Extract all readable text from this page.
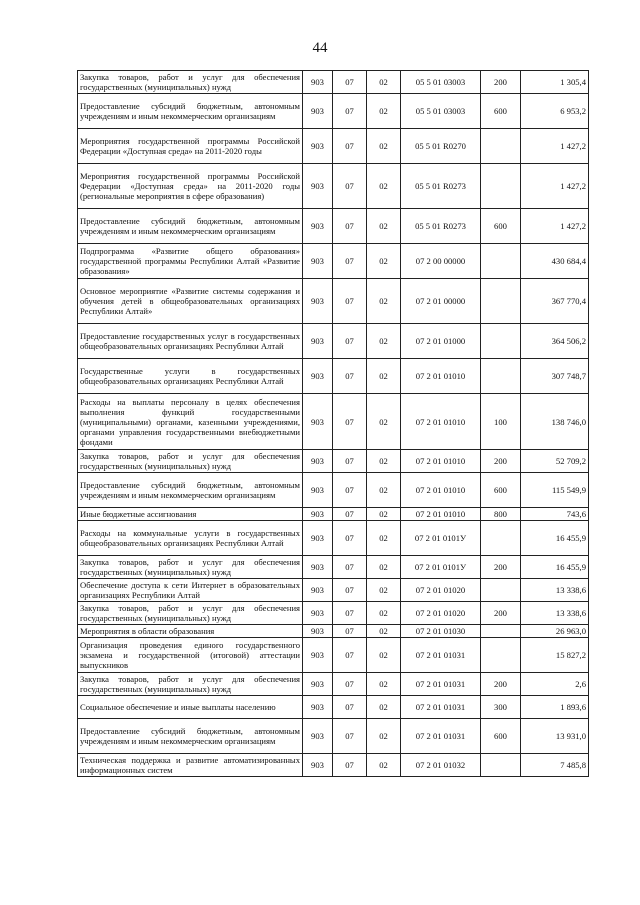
44
Закупка товаров, работ и услуг для обеспечения государственных (муниципальных) нужд	903	07	02	05 5 01 03003	200	1 305,4
Предоставление субсидий бюджетным, автономным учреждениям и иным некоммерческим организациям	903	07	02	05 5 01 03003	600	6 953,2
Мероприятия государственной программы Российской Федерации «Доступная среда» на 2011-2020 годы	903	07	02	05 5 01 R0270		1 427,2
Мероприятия государственной программы Российской Федерации «Доступная среда» на 2011-2020 годы (региональные мероприятия в сфере образования)	903	07	02	05 5 01 R0273		1 427,2
Предоставление субсидий бюджетным, автономным учреждениям и иным некоммерческим организациям	903	07	02	05 5 01 R0273	600	1 427,2
Подпрограмма «Развитие общего образования» государственной программы Республики Алтай «Развитие образования»	903	07	02	07 2 00 00000		430 684,4
Основное мероприятие «Развитие системы содержания и обучения детей в общеобразовательных организациях Республики Алтай»	903	07	02	07 2 01 00000		367 770,4
Предоставление государственных услуг в государственных общеобразовательных организациях Республики Алтай	903	07	02	07 2 01 01000		364 506,2
Государственные услуги в государственных общеобразовательных организациях Республики Алтай	903	07	02	07 2 01 01010		307 748,7
Расходы на выплаты персоналу в целях обеспечения выполнения функций государственными (муниципальными) органами, казенными учреждениями, органами управления государственными внебюджетными фондами	903	07	02	07 2 01 01010	100	138 746,0
Закупка товаров, работ и услуг для обеспечения государственных (муниципальных) нужд	903	07	02	07 2 01 01010	200	52 709,2
Предоставление субсидий бюджетным, автономным учреждениям и иным некоммерческим организациям	903	07	02	07 2 01 01010	600	115 549,9
Иные бюджетные ассигнования	903	07	02	07 2 01 01010	800	743,6
Расходы на коммунальные услуги в государственных общеобразовательных организациях Республики Алтай	903	07	02	07 2 01 0101У		16 455,9
Закупка товаров, работ и услуг для обеспечения государственных (муниципальных) нужд	903	07	02	07 2 01 0101У	200	16 455,9
Обеспечение доступа к сети Интернет в образовательных организациях Республики Алтай	903	07	02	07 2 01 01020		13 338,6
Закупка товаров, работ и услуг для обеспечения государственных (муниципальных) нужд	903	07	02	07 2 01 01020	200	13 338,6
Мероприятия в области образования	903	07	02	07 2 01 01030		26 963,0
Организация проведения единого государственного экзамена и государственной (итоговой) аттестации выпускников	903	07	02	07 2 01 01031		15 827,2
Закупка товаров, работ и услуг для обеспечения государственных (муниципальных) нужд	903	07	02	07 2 01 01031	200	2,6
Социальное обеспечение и иные выплаты населению	903	07	02	07 2 01 01031	300	1 893,6
Предоставление субсидий бюджетным, автономным учреждениям и иным некоммерческим организациям	903	07	02	07 2 01 01031	600	13 931,0
Техническая поддержка и развитие автоматизированных информационных систем	903	07	02	07 2 01 01032		7 485,8
